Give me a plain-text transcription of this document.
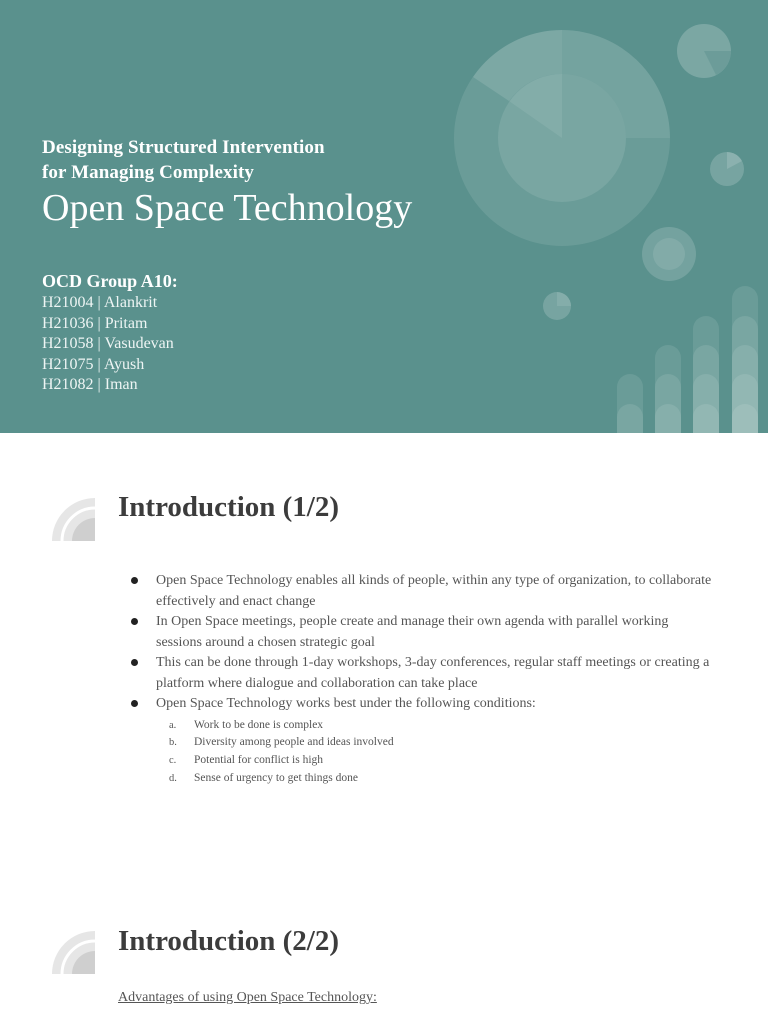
Designing Structured Intervention
for Managing Complexity
Open Space Technology
OCD Group A10:
H21004 | Alankrit
H21036 | Pritam
H21058 | Vasudevan
H21075 | Ayush
H21082 | Iman
Introduction (1/2)
Open Space Technology enables all kinds of people, within any type of organization, to collaborate effectively and enact change
In Open Space meetings, people create and manage their own agenda with parallel working sessions around a chosen strategic goal
This can be done through 1-day workshops, 3-day conferences, regular staff meetings or creating a platform where dialogue and collaboration can take place
Open Space Technology works best under the following conditions:
a. Work to be done is complex
b. Diversity among people and ideas involved
c. Potential for conflict is high
d. Sense of urgency to get things done
Introduction (2/2)
Advantages of using Open Space Technology:
